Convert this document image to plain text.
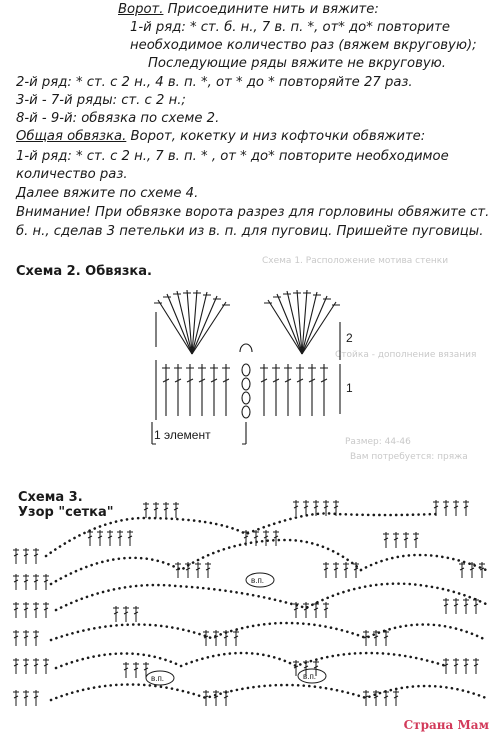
Схема 1. Расположение мотива стенки
Стойка - дополнение вязания
Размер: 44-46
Вам потребуется: пряжа

Ворот. Присоедините нить и вяжите:

1-й ряд: * ст. б. н., 7 в. п. *, от* до* повторите

необходимое количество раз (вяжем вкруговую);

Последующие ряды вяжите не вкруговую.

2-й ряд: * ст. с 2 н., 4 в. п. *, от * до * повторяйте 27 раз.

3-й - 7-й ряды: ст. с 2 н.;

8-й - 9-й: обвязка по схеме 2.

Общая обвязка. Ворот, кокетку и низ кофточки обвяжите:

1-й ряд: * ст. с 2 н., 7 в. п. * , от * до* повторите необходимое

количество раз.

Далее вяжите по схеме 4.

Внимание! При обвязке ворота разрез для горловины обвяжите ст.

б. н., сделав 3 петельки из в. п. для пуговиц. Пришейте пуговицы.

Схема 2. Обвязка.

2
1
1 элемент

Схема 3.

Узор "сетка"

в.п.
в.п.	в.п.
Страна Мам
